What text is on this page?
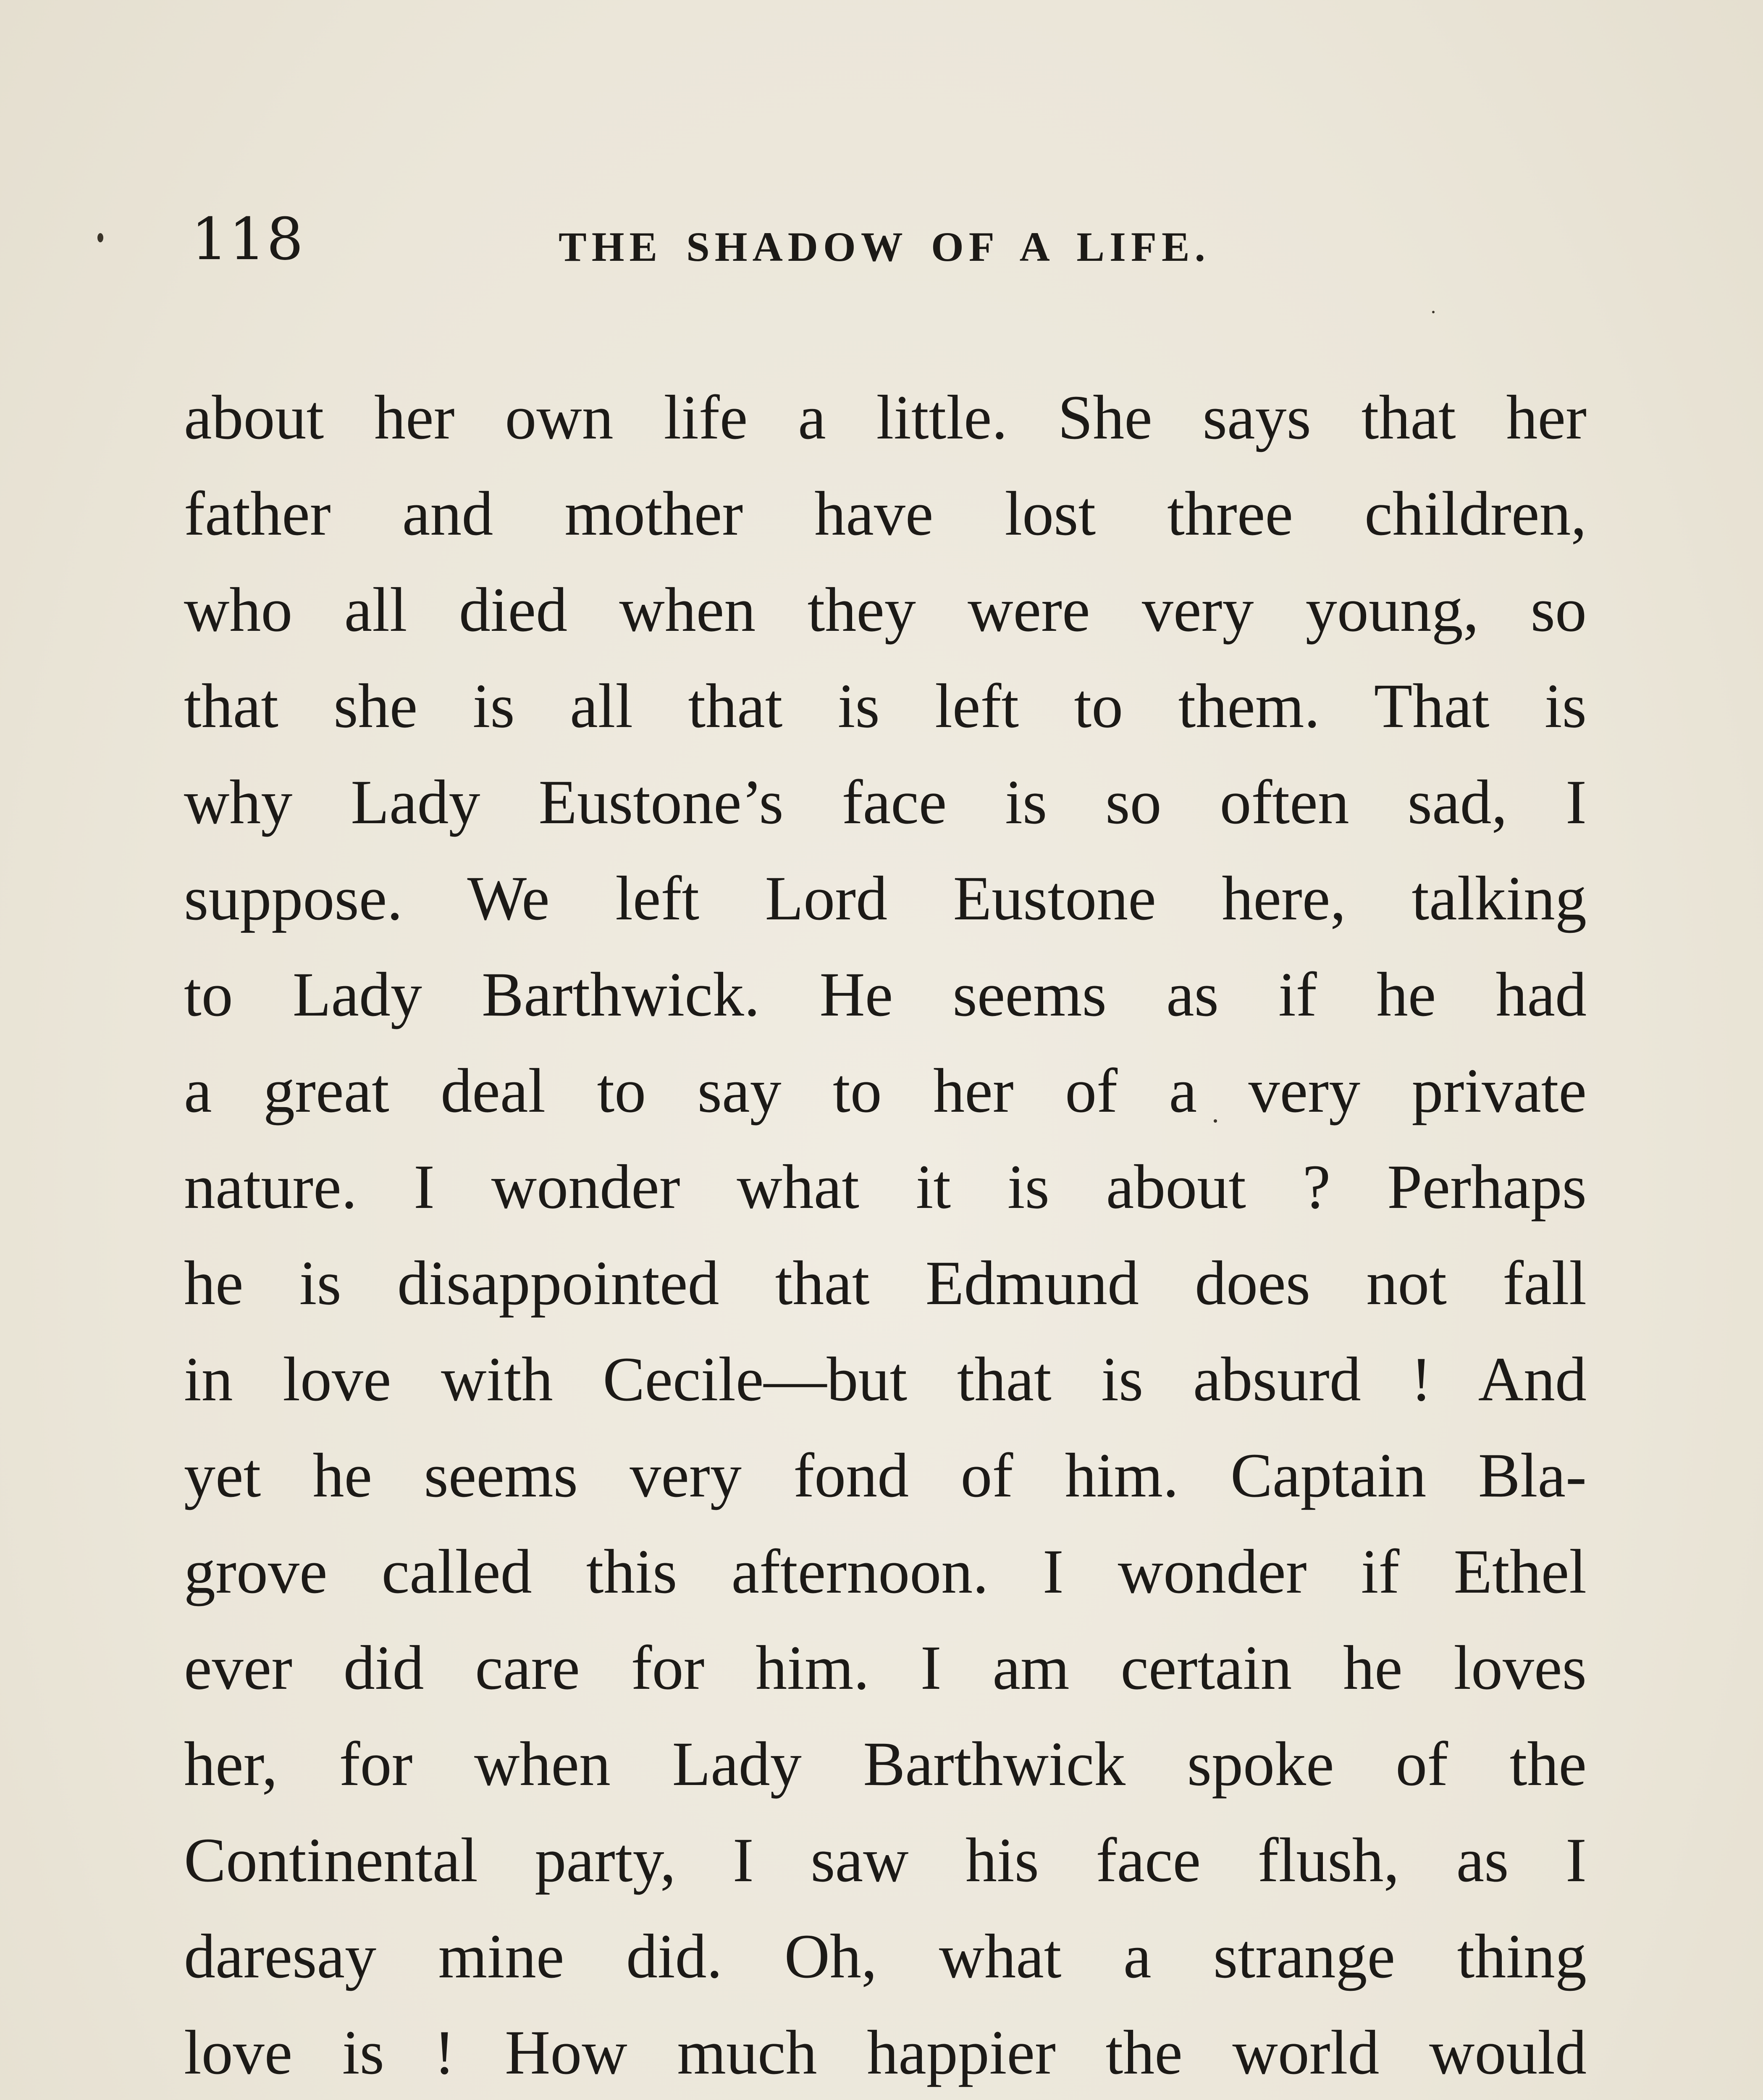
118	THE SHADOW OF A LIFE.
about her own life a little. She says that her
father and mother have lost three children,
who all died when they were very young, so
that she is all that is left to them. That is
why Lady Eustone’s face is so often sad, I
suppose. We left Lord Eustone here, talking
to Lady Barthwick. He seems as if he had
a great deal to say to her of a very private
nature. I wonder what it is about ? Perhaps
he is disappointed that Edmund does not fall
in love with Cecile—but that is absurd ! And
yet he seems very fond of him. Captain Bla-
grove called this afternoon. I wonder if Ethel
ever did care for him. I am certain he loves
her, for when Lady Barthwick spoke of the
Continental party, I saw his face flush, as I
daresay mine did. Oh, what a strange thing
love is ! How much happier the world would
